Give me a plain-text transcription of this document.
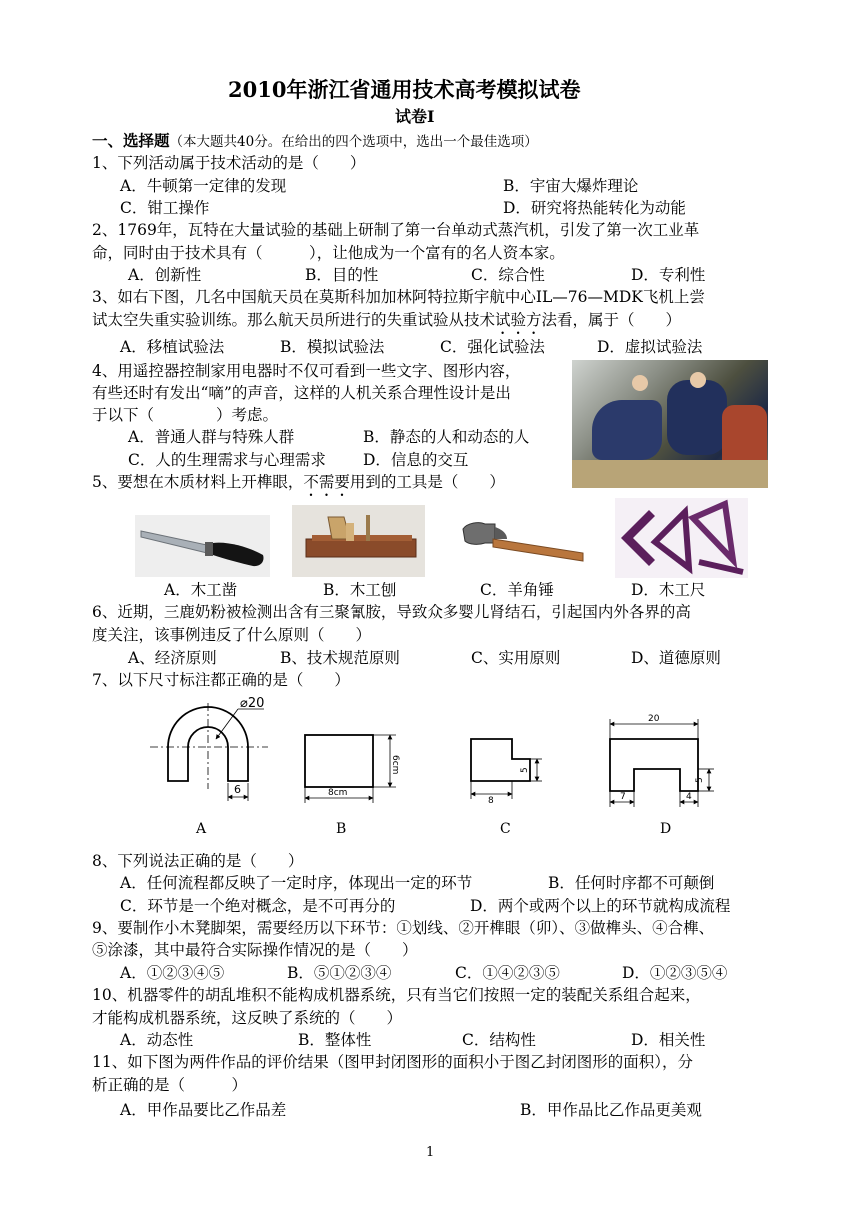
2010年浙江省通用技术高考模拟试卷
试卷Ⅰ
一、选择题（本大题共40分。在给出的四个选项中，选出一个最佳选项）
1、下列活动属于技术活动的是（　　）
A．牛顿第一定律的发现	B．宇宙大爆炸理论
C．钳工操作	D．研究将热能转化为动能
2、1769年，瓦特在大量试验的基础上研制了第一台单动式蒸汽机，引发了第一次工业革
命，同时由于技术具有（　　　），让他成为一个富有的名人资本家。
A．创新性	B．目的性	C．综合性	D．专利性
3、如右下图，几名中国航天员在莫斯科加加林阿特拉斯宇航中心IL—76—MDK飞机上尝
试太空失重实验训练。那么航天员所进行的失重试验从技术试验方法看，属于（　　）
A．移植试验法	B．模拟试验法	C．强化试验法	D．虚拟试验法
4、用遥控器控制家用电器时不仅可看到一些文字、图形内容，
有些还时有发出“嘀”的声音，这样的人机关系合理性设计是出
于以下（　　　　）考虑。
A．普通人群与特殊人群	B．静态的人和动态的人
C．人的生理需求与心理需求 D．信息的交互
5、要想在木质材料上开榫眼，不需要用到的工具是（　　）
A．木工凿	B．木工刨	C．羊角锤	D．木工尺
6、近期，三鹿奶粉被检测出含有三聚氰胺，导致众多婴儿肾结石，引起国内外各界的高
度关注，该事例违反了什么原则（　　）
A、经济原则	B、技术规范原则	C、实用原则	D、道德原则
7、以下尺寸标注都正确的是（　　）
⌀20
6
A
6cm
8cm
B
5
8
C
20
5
7	4
D
8、下列说法正确的是（　　）
A．任何流程都反映了一定时序，体现出一定的环节	B．任何时序都不可颠倒
C．环节是一个绝对概念，是不可再分的	D．两个或两个以上的环节就构成流程
9、要制作小木凳脚架，需要经历以下环节：①划线、②开榫眼（卯）、③做榫头、④合榫、
⑤涂漆，其中最符合实际操作情况的是（　　）
A．①②③④⑤	B．⑤①②③④	C．①④②③⑤	D．①②③⑤④
10、机器零件的胡乱堆积不能构成机器系统，只有当它们按照一定的装配关系组合起来，
才能构成机器系统，这反映了系统的（　　）
A．动态性	B．整体性	C．结构性	D．相关性
11、如下图为两件作品的评价结果（图甲封闭图形的面积小于图乙封闭图形的面积），分
析正确的是（　　　）
A．甲作品要比乙作品差	B．甲作品比乙作品更美观
1
